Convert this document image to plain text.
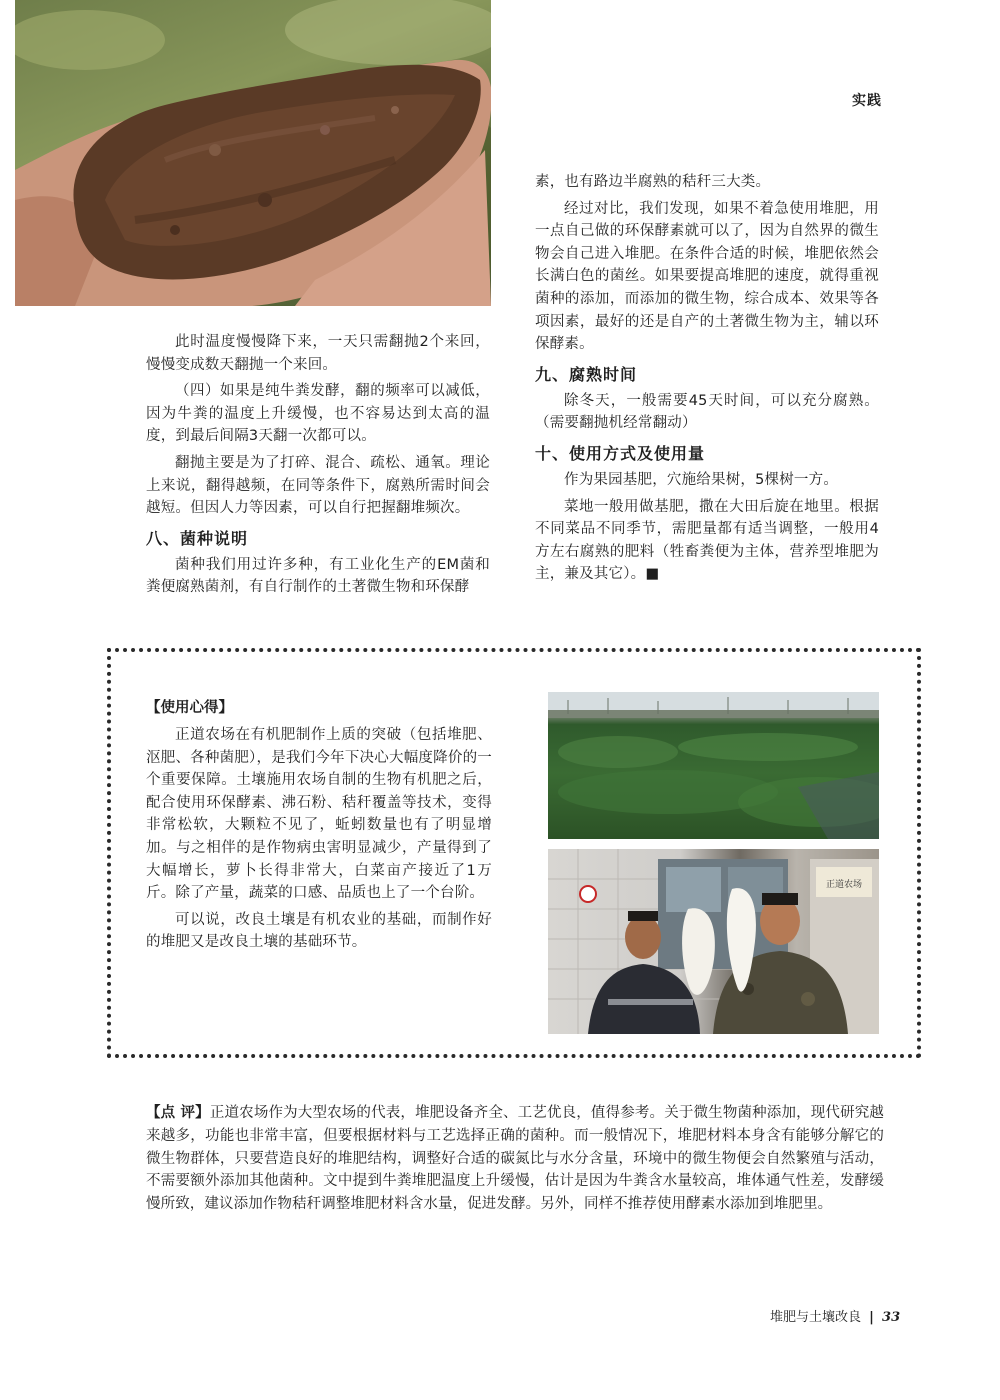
实践

此时温度慢慢降下来，一天只需翻抛2个来回，慢慢变成数天翻抛一个来回。

（四）如果是纯牛粪发酵，翻的频率可以减低，因为牛粪的温度上升缓慢，也不容易达到太高的温度，到最后间隔3天翻一次都可以。

翻抛主要是为了打碎、混合、疏松、通氧。理论上来说，翻得越频，在同等条件下，腐熟所需时间会越短。但因人力等因素，可以自行把握翻堆频次。

八、菌种说明

菌种我们用过许多种，有工业化生产的EM菌和粪便腐熟菌剂，有自行制作的土著微生物和环保酵

素，也有路边半腐熟的秸秆三大类。

经过对比，我们发现，如果不着急使用堆肥，用一点自己做的环保酵素就可以了，因为自然界的微生物会自己进入堆肥。在条件合适的时候，堆肥依然会长满白色的菌丝。如果要提高堆肥的速度，就得重视菌种的添加，而添加的微生物，综合成本、效果等各项因素，最好的还是自产的土著微生物为主，辅以环保酵素。

九、腐熟时间

除冬天，一般需要45天时间，可以充分腐熟。（需要翻抛机经常翻动）

十、使用方式及使用量

作为果园基肥，穴施给果树，5棵树一方。

菜地一般用做基肥，撒在大田后旋在地里。根据不同菜品不同季节，需肥量都有适当调整，一般用4方左右腐熟的肥料（牲畜粪便为主体，营养型堆肥为主，兼及其它）。■

【使用心得】

正道农场在有机肥制作上质的突破（包括堆肥、沤肥、各种菌肥），是我们今年下决心大幅度降价的一个重要保障。土壤施用农场自制的生物有机肥之后，配合使用环保酵素、沸石粉、秸秆覆盖等技术，变得非常松软，大颗粒不见了，蚯蚓数量也有了明显增加。与之相伴的是作物病虫害明显减少，产量得到了大幅增长，萝卜长得非常大，白菜亩产接近了1万斤。除了产量，蔬菜的口感、品质也上了一个台阶。

可以说，改良土壤是有机农业的基础，而制作好的堆肥又是改良土壤的基础环节。

正道农场
【点 评】正道农场作为大型农场的代表，堆肥设备齐全、工艺优良，值得参考。关于微生物菌种添加，现代研究越来越多，功能也非常丰富，但要根据材料与工艺选择正确的菌种。而一般情况下，堆肥材料本身含有能够分解它的微生物群体，只要营造良好的堆肥结构，调整好合适的碳氮比与水分含量，环境中的微生物便会自然繁殖与活动，不需要额外添加其他菌种。文中提到牛粪堆肥温度上升缓慢，估计是因为牛粪含水量较高，堆体通气性差，发酵缓慢所致，建议添加作物秸秆调整堆肥材料含水量，促进发酵。另外，同样不推荐使用酵素水添加到堆肥里。
堆肥与土壤改良 | 33
